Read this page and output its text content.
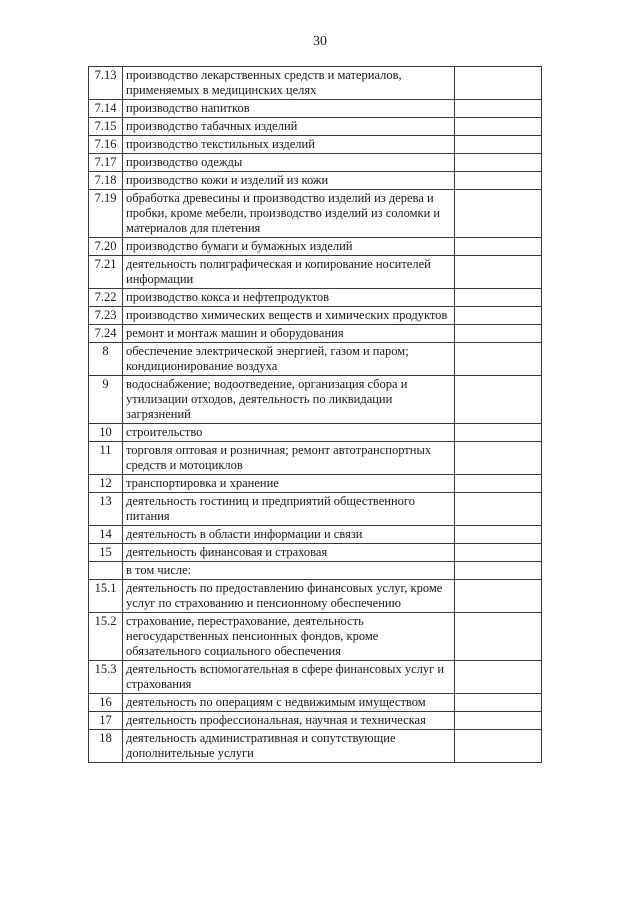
30
7.13	производство лекарственных средств и материалов, применяемых в медицинских целях	
7.14	производство напитков	
7.15	производство табачных изделий	
7.16	производство текстильных изделий	
7.17	производство одежды	
7.18	производство кожи и изделий из кожи	
7.19	обработка древесины и производство изделий из дерева и пробки, кроме мебели, производство изделий из соломки и материалов для плетения	
7.20	производство бумаги и бумажных изделий	
7.21	деятельность полиграфическая и копирование носителей информации	
7.22	производство кокса и нефтепродуктов	
7.23	производство химических веществ и химических продуктов	
7.24	ремонт и монтаж машин и оборудования	
8	обеспечение электрической энергией, газом и паром; кондиционирование воздуха	
9	водоснабжение; водоотведение, организация сбора и утилизации отходов, деятельность по ликвидации загрязнений	
10	строительство	
11	торговля оптовая и розничная; ремонт автотранспортных средств и мотоциклов	
12	транспортировка и хранение	
13	деятельность гостиниц и предприятий общественного питания	
14	деятельность в области информации и связи	
15	деятельность финансовая и страховая	
	в том числе:	
15.1	деятельность по предоставлению финансовых услуг, кроме услуг по страхованию и пенсионному обеспечению	
15.2	страхование, перестрахование, деятельность негосударственных пенсионных фондов, кроме обязательного социального обеспечения	
15.3	деятельность вспомогательная в сфере финансовых услуг и страхования	
16	деятельность по операциям с недвижимым имуществом	
17	деятельность профессиональная, научная и техническая	
18	деятельность административная и сопутствующие дополнительные услуги	
